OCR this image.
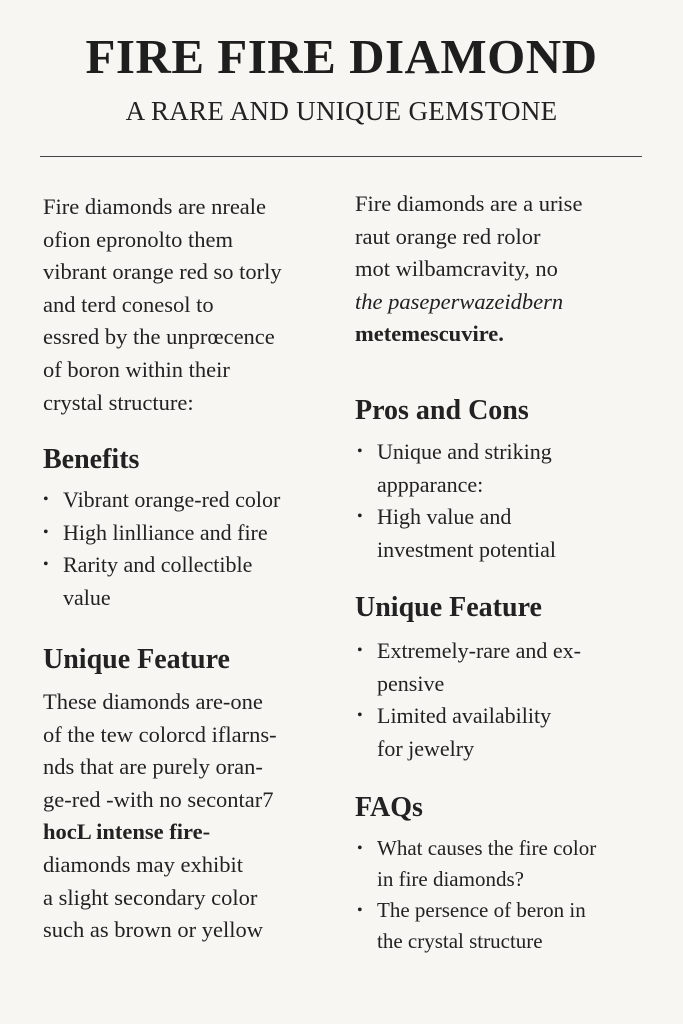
FIRE FIRE DIAMOND
A RARE AND UNIQUE GEMSTONE
Fire diamonds are nreale
ofion epronolto them
vibrant orange red so torly
and terd conesol to
essred by the unprœcence
of boron within their
crystal structure:
Benefits
• Vibrant orange-red color
• High linlliance and fire
• Rarity and collectible
value
Unique Feature
These diamonds are-one
of the tew colorcd iflarns-
nds that are purely oran-
ge-red -with no secontar7
hocL intense fire-
diamonds may exhibit
a slight secondary color
such as brown or yellow
Fire diamonds are a urise
raut orange red rolor
mot wilbamcravity, no
the paseperwazeidbern
metemescuvire.
Pros and Cons
• Unique and striking
appparance:
• High value and
investment potential
Unique Feature
• Extremely-rare and ex-
pensive
• Limited availability
for jewelry
FAQs
• What causes the fire color
in fire diamonds?
• The persence of beron in
the crystal structure
